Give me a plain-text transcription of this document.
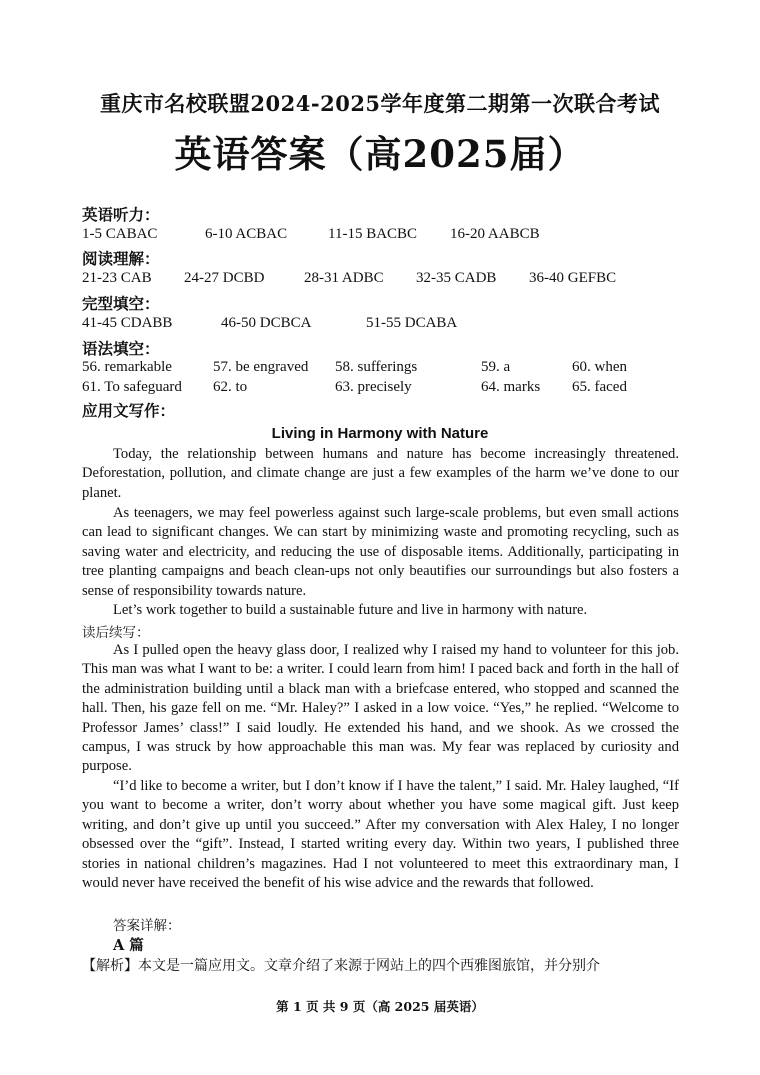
重庆市名校联盟2024-2025学年度第二期第一次联合考试
英语答案（高2025届）
英语听力：
1-5 CABAC	6-10 ACBAC	11-15 BACBC 16-20 AABCB
阅读理解：
21-23 CAB 24-27 DCBD	28-31 ADBC 32-35 CADB 36-40 GEFBC
完型填空：
41-45 CDABB	46-50 DCBCA	51-55 DCABA
语法填空：
56. remarkable	57. be engraved 58. sufferings	59. a	60. when
61. To safeguard 62. to	63. precisely	64. marks 65. faced
应用文写作：
Living in Harmony with Nature

Today, the relationship between humans and nature has become increasingly threatened. Deforestation, pollution, and climate change are just a few examples of the harm we’ve done to our planet.

As teenagers, we may feel powerless against such large-scale problems, but even small actions can lead to significant changes. We can start by minimizing waste and promoting recycling, such as saving water and electricity, and reducing the use of disposable items. Additionally, participating in tree planting campaigns and beach clean-ups not only beautifies our surroundings but also fosters a sense of responsibility towards nature.

Let’s work together to build a sustainable future and live in harmony with nature.

读后续写：

As I pulled open the heavy glass door, I realized why I raised my hand to volunteer for this job. This man was what I want to be: a writer. I could learn from him! I paced back and forth in the hall of the administration building until a black man with a briefcase entered, who stopped and scanned the hall. Then, his gaze fell on me. “Mr. Haley?” I asked in a low voice. “Yes,” he replied. “Welcome to Professor James’ class!” I said loudly. He extended his hand, and we shook. As we crossed the campus, I was struck by how approachable this man was. My fear was replaced by curiosity and purpose.

“I’d like to become a writer, but I don’t know if I have the talent,” I said. Mr. Haley laughed, “If you want to become a writer, don’t worry about whether you have some magical gift. Just keep writing, and don’t give up until you succeed.” After my conversation with Alex Haley, I no longer obsessed over the “gift”. Instead, I started writing every day. Within two years, I published three stories in national children’s magazines. Had I not volunteered to meet this extraordinary man, I would never have received the benefit of his wise advice and the rewards that followed.

答案详解：
A 篇
【解析】本文是一篇应用文。文章介绍了来源于网站上的四个西雅图旅馆，并分别介
第 1 页 共 9 页（高 2025 届英语）
